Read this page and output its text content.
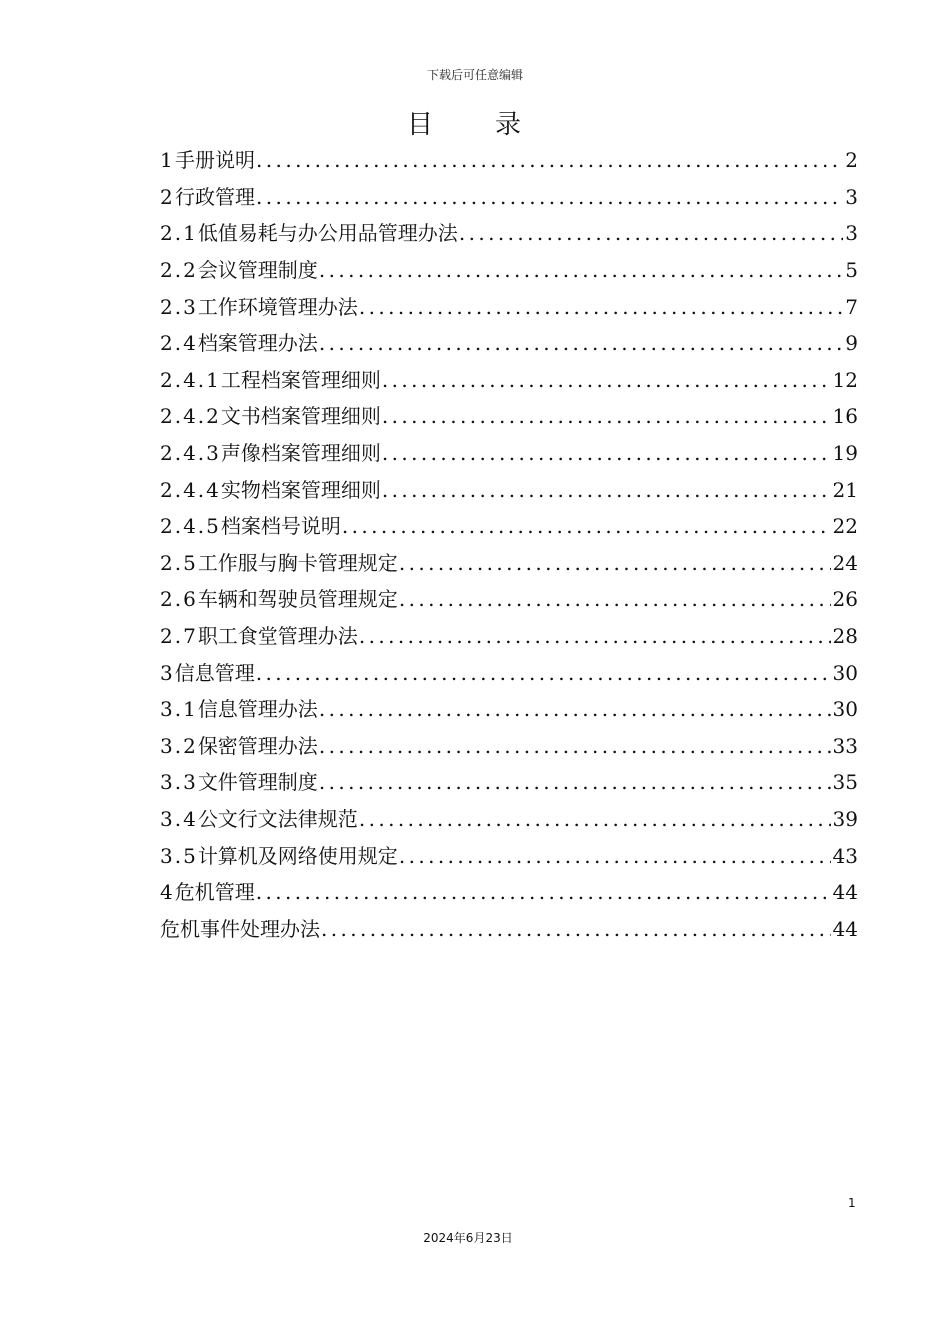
下载后可任意编辑
目录
1 手册说明 .....	2
2 行政管理 .....	3
2.1 低值易耗与办公用品管理办法 .....	3
2.2 会议管理制度 .....	5
2.3 工作环境管理办法 .....	7
2.4 档案管理办法 .....	9
2.4.1 工程档案管理细则 .....	12
2.4.2 文书档案管理细则 .....	16
2.4.3 声像档案管理细则 .....	19
2.4.4 实物档案管理细则 .....	21
2.4.5 档案档号说明 .....	22
2.5 工作服与胸卡管理规定 .....	24
2.6 车辆和驾驶员管理规定 .....	26
2.7 职工食堂管理办法 .....	28
3 信息管理 .....	30
3.1 信息管理办法 .....	30
3.2 保密管理办法 .....	33
3.3 文件管理制度 .....	35
3.4 公文行文法律规范 .....	39
3.5 计算机及网络使用规定 .....	43
4 危机管理 .....	44
危机事件处理办法 .....	44
1
2024年6月23日
